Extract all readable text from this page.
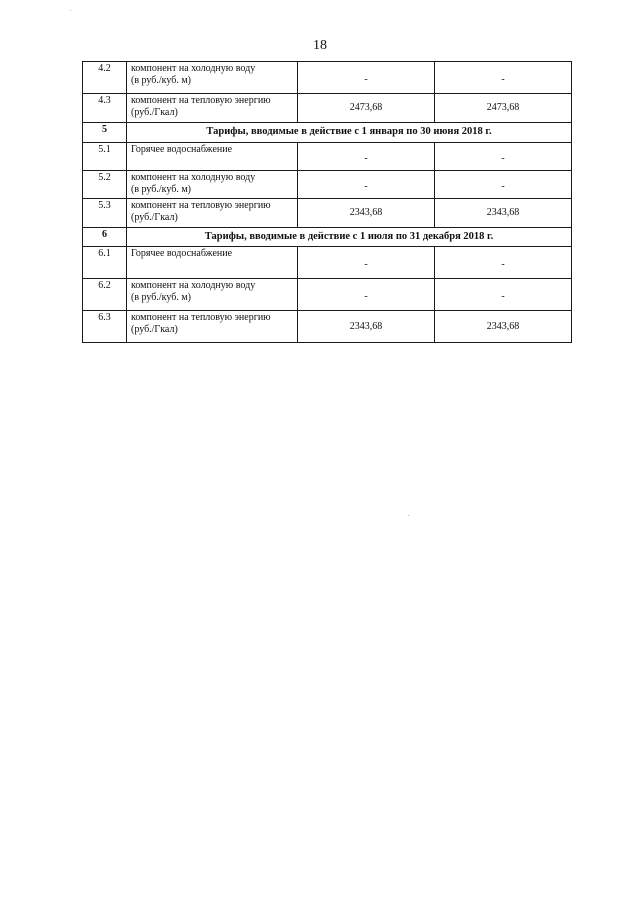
18
4.2	компонент на холодную воду
(в руб./куб. м)	-	-
4.3	компонент на тепловую энергию
(руб./Гкал)	2473,68	2473,68
5	Тарифы, вводимые в действие с 1 января по 30 июня 2018 г.		
5.1	Горячее водоснабжение	-	-
5.2	компонент на холодную воду
(в руб./куб. м)	-	-
5.3	компонент на тепловую энергию
(руб./Гкал)	2343,68	2343,68
6	Тарифы, вводимые в действие с 1 июля по 31 декабря 2018 г.		
6.1	Горячее водоснабжение	-	-
6.2	компонент на холодную воду
(в руб./куб. м)	-	-
6.3	компонент на тепловую энергию
(руб./Гкал)	2343,68	2343,68
